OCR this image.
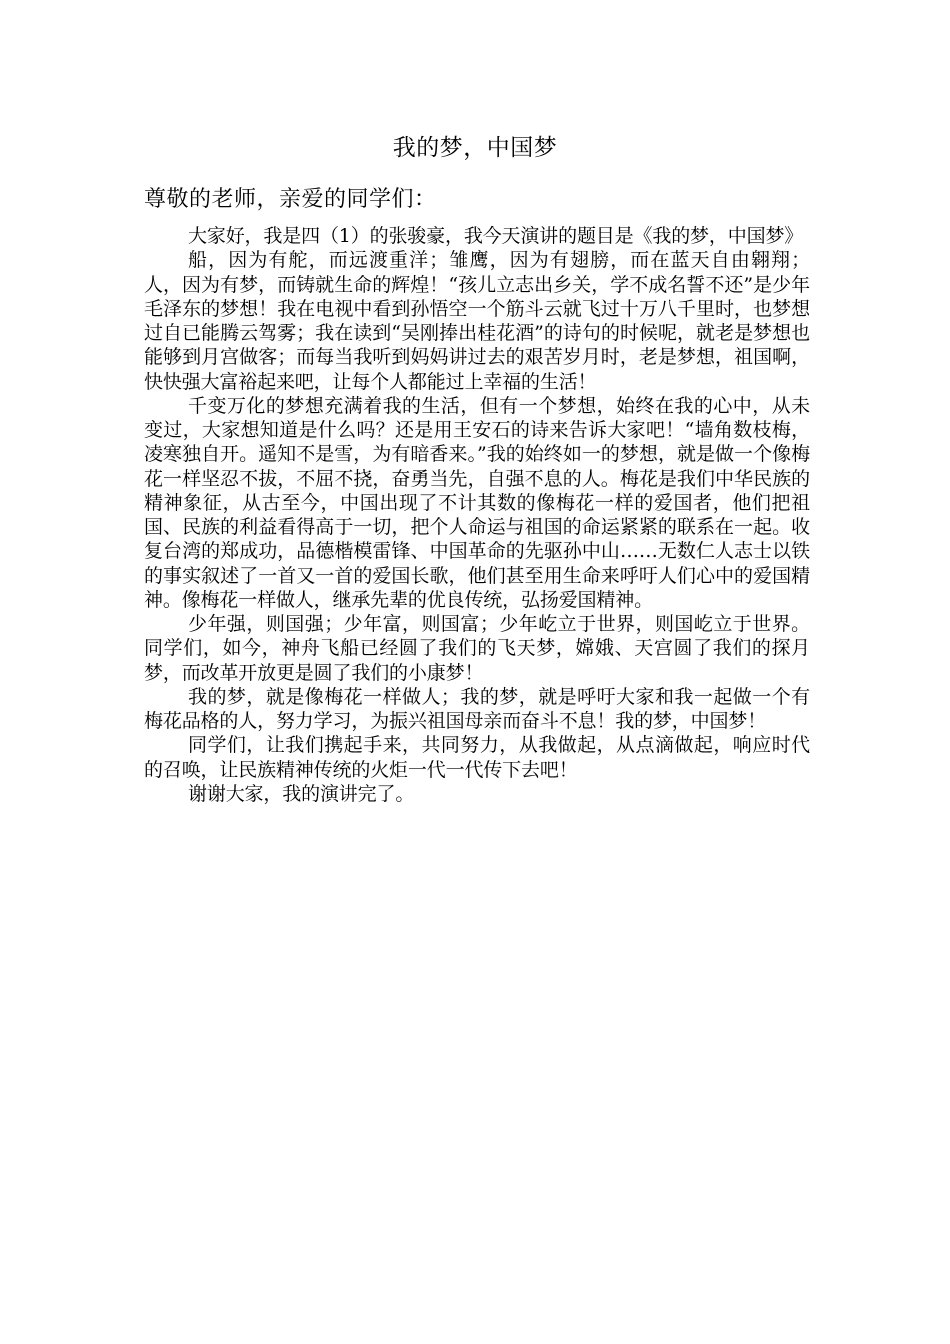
我的梦，中国梦
尊敬的老师，亲爱的同学们：

大家好，我是四（1）的张骏豪，我今天演讲的题目是《我的梦，中国梦》

船，因为有舵，而远渡重洋；雏鹰，因为有翅膀，而在蓝天自由翱翔；人，因为有梦，而铸就生命的辉煌！“孩儿立志出乡关，学不成名誓不还”是少年毛泽东的梦想！我在电视中看到孙悟空一个筋斗云就飞过十万八千里时，也梦想过自已能腾云驾雾；我在读到“吴刚捧出桂花酒”的诗句的时候呢，就老是梦想也能够到月宫做客；而每当我听到妈妈讲过去的艰苦岁月时，老是梦想，祖国啊，快快强大富裕起来吧，让每个人都能过上幸福的生活！

千变万化的梦想充满着我的生活，但有一个梦想，始终在我的心中，从未变过，大家想知道是什么吗？还是用王安石的诗来告诉大家吧！“墙角数枝梅，凌寒独自开。遥知不是雪，为有暗香来。”我的始终如一的梦想，就是做一个像梅花一样坚忍不拔，不屈不挠，奋勇当先，自强不息的人。梅花是我们中华民族的精神象征，从古至今，中国出现了不计其数的像梅花一样的爱国者，他们把祖国、民族的利益看得高于一切，把个人命运与祖国的命运紧紧的联系在一起。收复台湾的郑成功，品德楷模雷锋、中国革命的先驱孙中山……无数仁人志士以铁的事实叙述了一首又一首的爱国长歌，他们甚至用生命来呼吁人们心中的爱国精神。像梅花一样做人，继承先辈的优良传统，弘扬爱国精神。

少年强，则国强；少年富，则国富；少年屹立于世界，则国屹立于世界。同学们，如今，神舟飞船已经圆了我们的飞天梦，嫦娥、天宫圆了我们的探月梦，而改革开放更是圆了我们的小康梦！

我的梦，就是像梅花一样做人；我的梦，就是呼吁大家和我一起做一个有梅花品格的人，努力学习，为振兴祖国母亲而奋斗不息！我的梦，中国梦！

同学们，让我们携起手来，共同努力，从我做起，从点滴做起，响应时代的召唤，让民族精神传统的火炬一代一代传下去吧！

谢谢大家，我的演讲完了。
